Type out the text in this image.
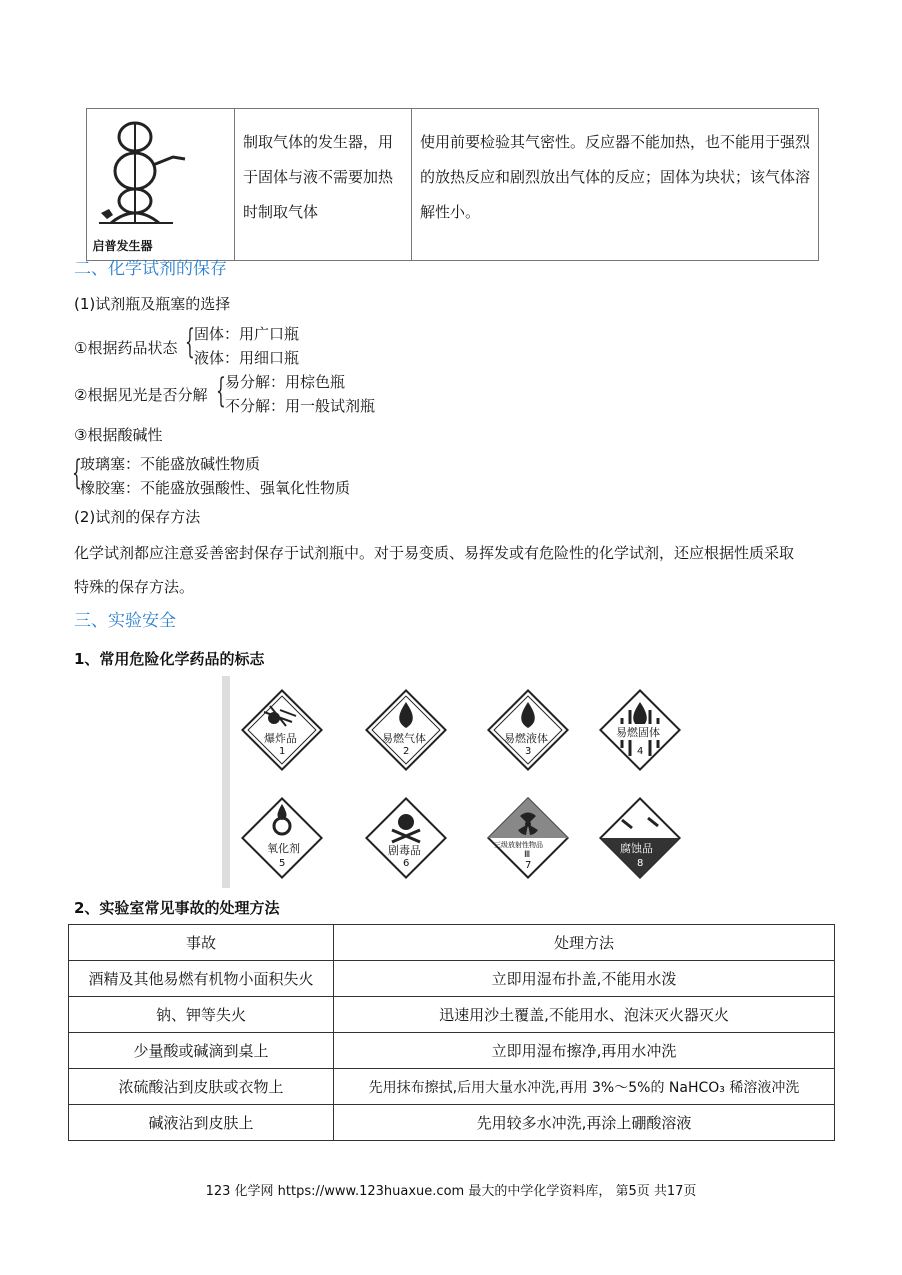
启普发生器
	制取气体的发生器，用于固体与液不需要加热时制取气体	使用前要检验其气密性。反应器不能加热，也不能用于强烈的放热反应和剧烈放出气体的反应；固体为块状；该气体溶解性小。
二、化学试剂的保存
(1)试剂瓶及瓶塞的选择
①根据药品状态 { 固体：用广口瓶
液体：用细口瓶
②根据见光是否分解 { 易分解：用棕色瓶
不分解：用一般试剂瓶
③根据酸碱性
{
玻璃塞：不能盛放碱性物质
橡胶塞：不能盛放强酸性、强氧化性物质
(2)试剂的保存方法
化学试剂都应注意妥善密封保存于试剂瓶中。对于易变质、易挥发或有危险性的化学试剂，还应根据性质采取
特殊的保存方法。
三、实验安全
1、常用危险化学药品的标志
爆炸品
1
易燃气体
2
易燃液体
3
易燃固体
4
氧化剂
5
剧毒品
6
三级放射性物品
Ⅲ
7
腐蚀品
8
2、实验室常见事故的处理方法
事故	处理方法
酒精及其他易燃有机物小面积失火	立即用湿布扑盖,不能用水泼
钠、钾等失火	迅速用沙土覆盖,不能用水、泡沫灭火器灭火
少量酸或碱滴到桌上	立即用湿布擦净,再用水冲洗
浓硫酸沾到皮肤或衣物上	先用抹布擦拭,后用大量水冲洗,再用 3%～5%的 NaHCO₃ 稀溶液冲洗
碱液沾到皮肤上	先用较多水冲洗,再涂上硼酸溶液
123 化学网 https://www.123huaxue.com 最大的中学化学资料库， 第5页 共17页
